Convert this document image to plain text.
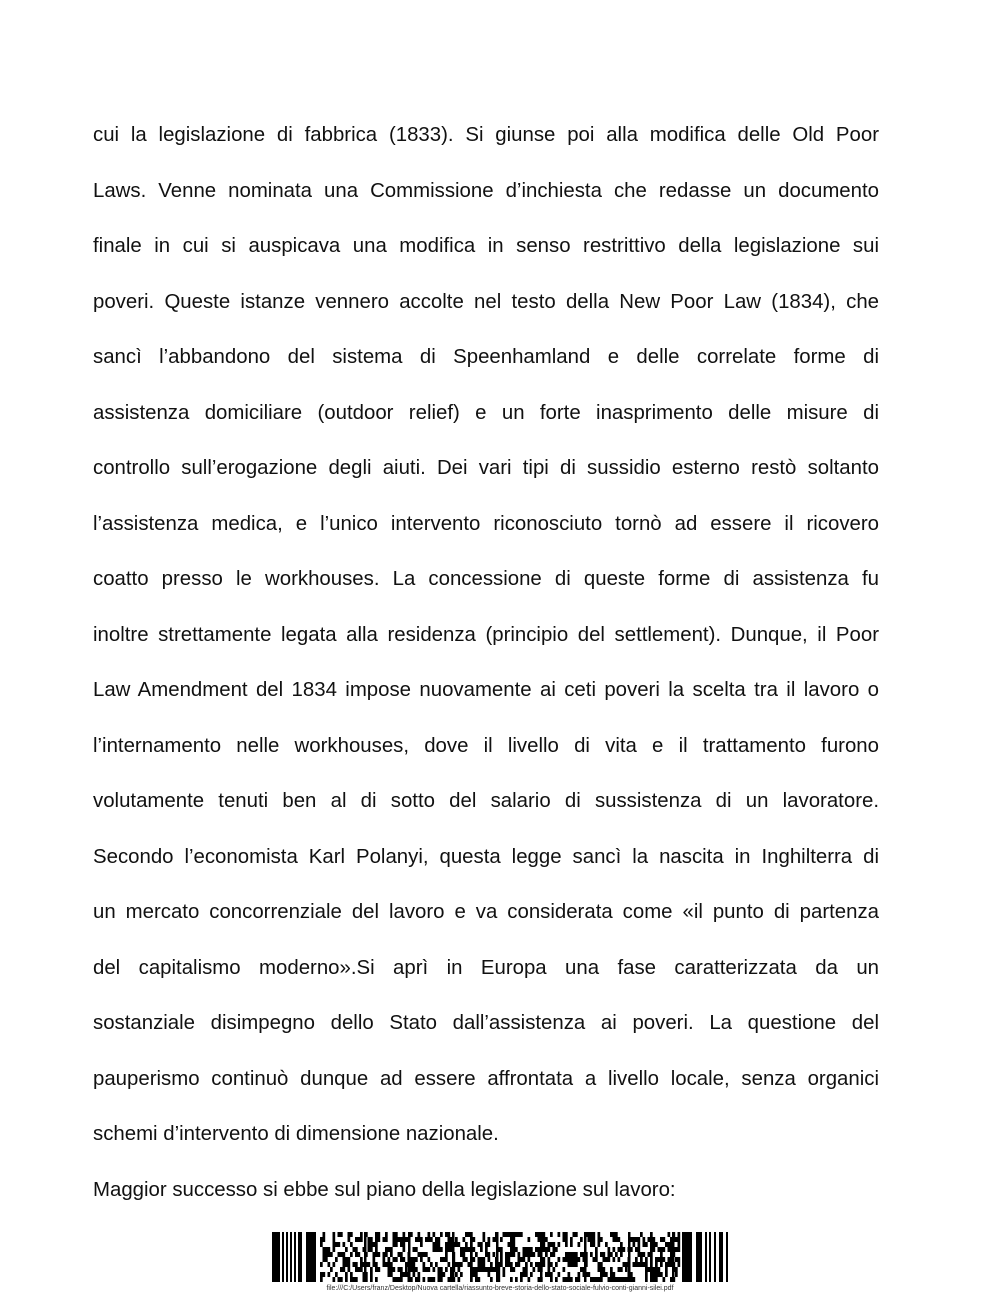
cui la legislazione di fabbrica (1833). Si giunse poi alla modifica delle Old Poor
Laws. Venne nominata una Commissione d’inchiesta che redasse un documento
finale in cui si auspicava una modifica in senso restrittivo della legislazione sui
poveri. Queste istanze vennero accolte nel testo della New Poor Law (1834), che
sancì l’abbandono del sistema di Speenhamland e delle correlate forme di
assistenza domiciliare (outdoor relief) e un forte inasprimento delle misure di
controllo sull’erogazione degli aiuti. Dei vari tipi di sussidio esterno restò soltanto
l’assistenza medica, e l’unico intervento riconosciuto tornò ad essere il ricovero
coatto presso le workhouses. La concessione di queste forme di assistenza fu
inoltre strettamente legata alla residenza (principio del settlement). Dunque, il Poor
Law Amendment del 1834 impose nuovamente ai ceti poveri la scelta tra il lavoro o
l’internamento nelle workhouses, dove il livello di vita e il trattamento furono
volutamente tenuti ben al di sotto del salario di sussistenza di un lavoratore.
Secondo l’economista Karl Polanyi, questa legge sancì la nascita in Inghilterra di
un mercato concorrenziale del lavoro e va considerata come «il punto di partenza
del capitalismo moderno».Si aprì in Europa una fase caratterizzata da un
sostanziale disimpegno dello Stato dall’assistenza ai poveri. La questione del
pauperismo continuò dunque ad essere affrontata a livello locale, senza organici
schemi d’intervento di dimensione nazionale.
Maggior successo si ebbe sul piano della legislazione sul lavoro:
file:///C:/Users/franz/Desktop/Nuova cartella/riassunto-breve-storia-dello-stato-sociale-fulvio-conti-gianni-silei.pdf
